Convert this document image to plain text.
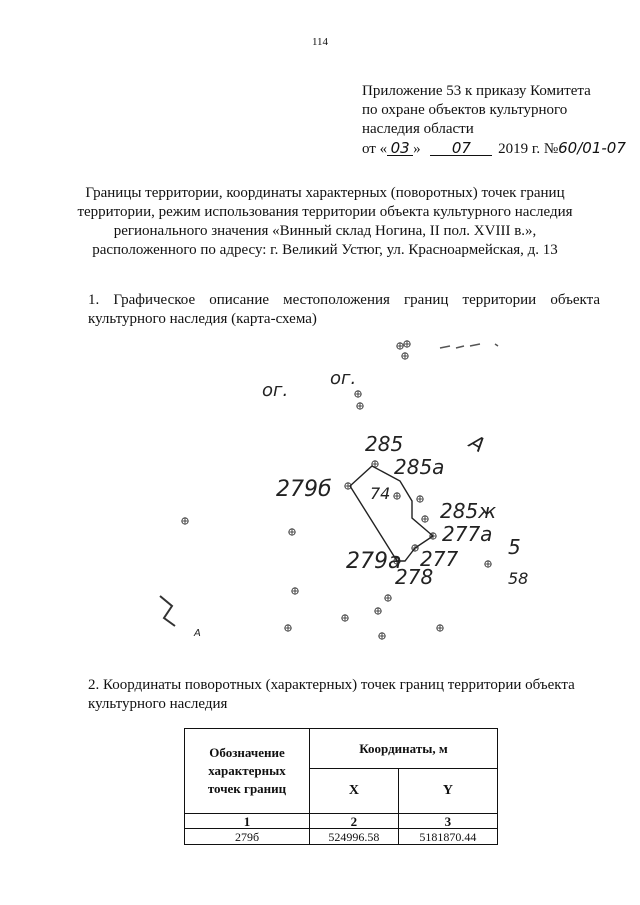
114
Приложение 53 к приказу Комитета
по охране объектов культурного
наследия области
от « 03 » 07 2019 г. №60/01-07
Границы территории, координаты характерных (поворотных) точек границ
территории, режим использования территории объекта культурного наследия
регионального значения «Винный склад Ногина, II пол. XVIII в.»,
расположенного по адресу: г. Великий Устюг, ул. Красноармейская, д. 13
1. Графическое описание местоположения границ территории объекта культурного наследия (карта-схема)
ог.
ог.
285
285а
279б 74
285ж
277а
279а 277
278
5
58
А
А
2. Координаты поворотных (характерных) точек границ территории объекта
культурного наследия
Обозначение
характерных
точек границ	Координаты, м	
	X	Y
1	2	3
279б	524996.58	5181870.44
